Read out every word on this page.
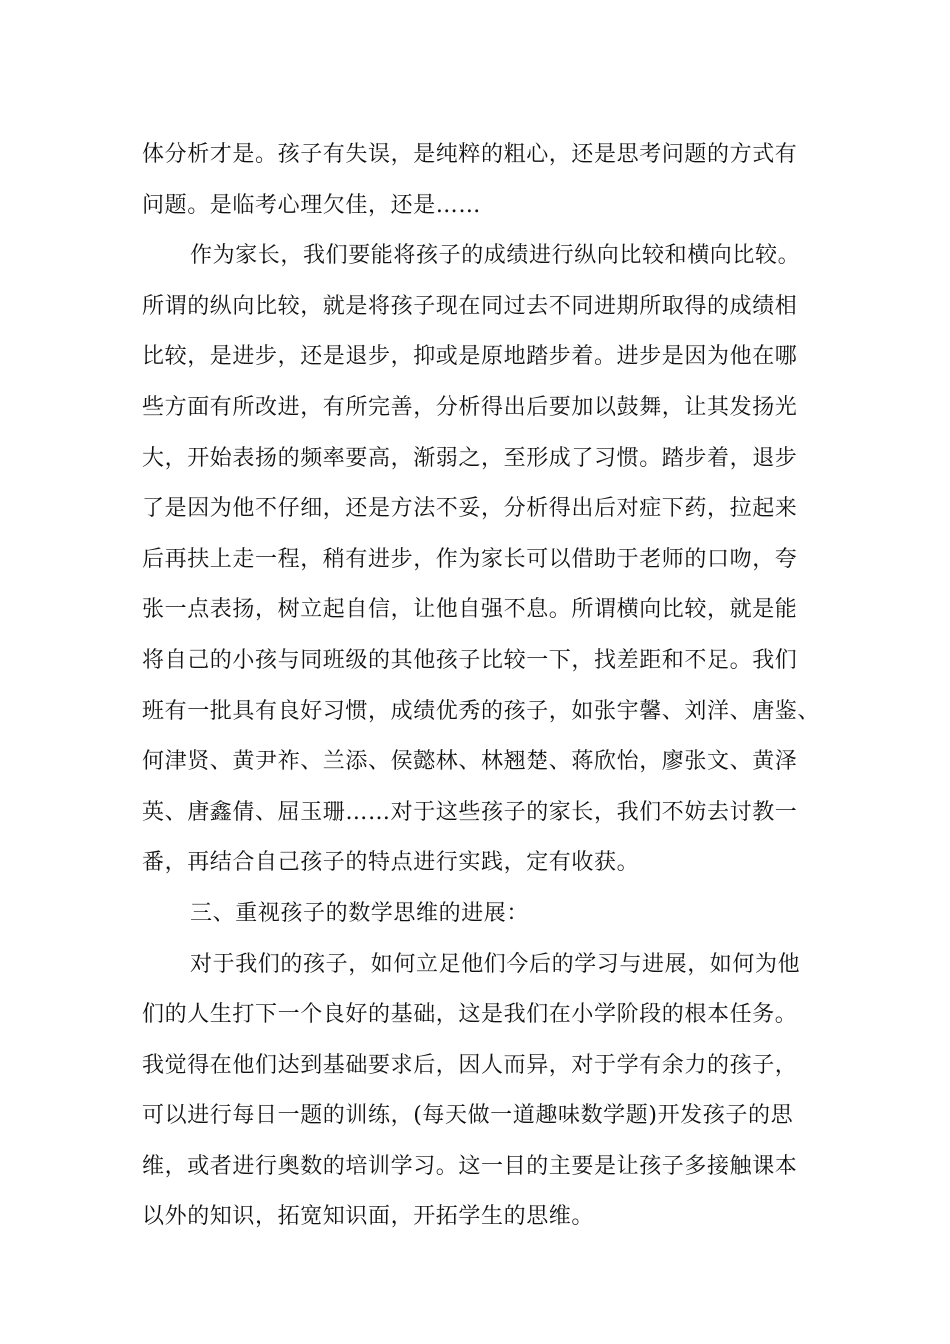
体分析才是。孩子有失误，是纯粹的粗心，还是思考问题的方式有
问题。是临考心理欠佳，还是……
作为家长，我们要能将孩子的成绩进行纵向比较和横向比较。
所谓的纵向比较，就是将孩子现在同过去不同进期所取得的成绩相
比较，是进步，还是退步，抑或是原地踏步着。进步是因为他在哪
些方面有所改进，有所完善，分析得出后要加以鼓舞，让其发扬光
大，开始表扬的频率要高，渐弱之，至形成了习惯。踏步着，退步
了是因为他不仔细，还是方法不妥，分析得出后对症下药，拉起来
后再扶上走一程，稍有进步，作为家长可以借助于老师的口吻，夸
张一点表扬，树立起自信，让他自强不息。所谓横向比较，就是能
将自己的小孩与同班级的其他孩子比较一下，找差距和不足。我们
班有一批具有良好习惯，成绩优秀的孩子，如张宇馨、刘洋、唐鉴、
何津贤、黄尹祚、兰添、侯懿林、林翘楚、蒋欣怡，廖张文、黄泽
英、唐鑫倩、屈玉珊……对于这些孩子的家长，我们不妨去讨教一
番，再结合自己孩子的特点进行实践，定有收获。
三、重视孩子的数学思维的进展：
对于我们的孩子，如何立足他们今后的学习与进展，如何为他
们的人生打下一个良好的基础，这是我们在小学阶段的根本任务。
我觉得在他们达到基础要求后，因人而异，对于学有余力的孩子，
可以进行每日一题的训练，(每天做一道趣味数学题)开发孩子的思
维，或者进行奥数的培训学习。这一目的主要是让孩子多接触课本
以外的知识，拓宽知识面，开拓学生的思维。
